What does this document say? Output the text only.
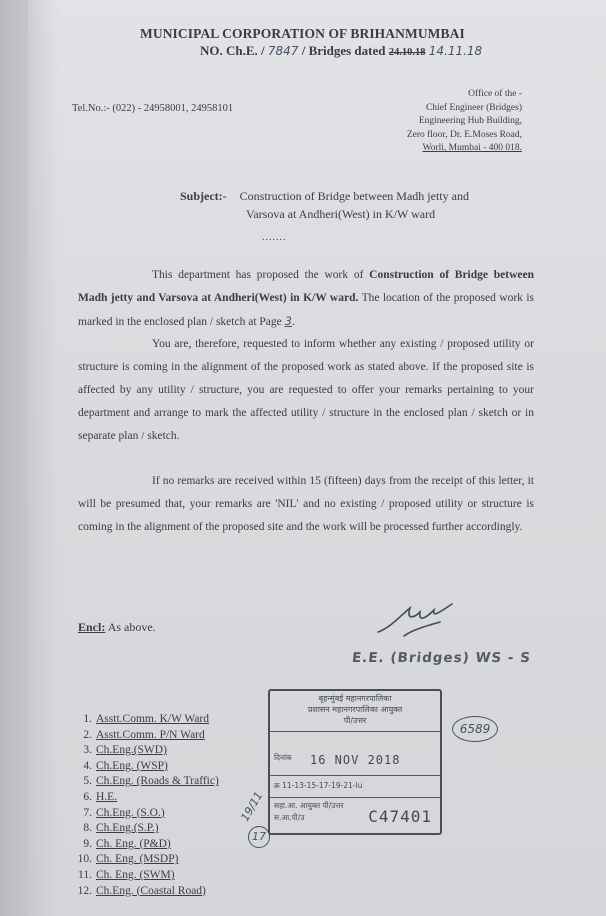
MUNICIPAL CORPORATION OF BRIHANMUMBAI
NO. Ch.E. / 7847 / Bridges dated 24.10.18 14.11.18
Tel.No.:- (022) - 24958001, 24958101
Office of the -
Chief Engineer (Bridges)
Engineering Hub Building,
Zero floor, Dr. E.Moses Road,
Worli, Mumbai - 400 018.
Subject:- Construction of Bridge between Madh jetty and
Varsova at Andheri(West) in K/W ward
.......
This department has proposed the work of Construction of Bridge between Madh jetty and Varsova at Andheri(West) in K/W ward. The location of the proposed work is marked in the enclosed plan / sketch at Page 3.
You are, therefore, requested to inform whether any existing / proposed utility or structure is coming in the alignment of the proposed work as stated above. If the proposed site is affected by any utility / structure, you are requested to offer your remarks pertaining to your department and arrange to mark the affected utility / structure in the enclosed plan / sketch or in separate plan / sketch.
If no remarks are received within 15 (fifteen) days from the receipt of this letter, it will be presumed that, your remarks are 'NIL' and no existing / proposed utility or structure is coming in the alignment of the proposed site and the work will be processed further accordingly.
Encl: As above.
E.E. (Bridges) WS - S
1. Asstt.Comm. K/W Ward
2. Asstt.Comm. P/N Ward
3. Ch.Eng.(SWD)
4. Ch.Eng. (WSP)
5. Ch.Eng. (Roads & Traffic)
6. H.E.
7. Ch.Eng. (S.O.)
8. Ch.Eng.(S.P.)
9. Ch. Eng. (P&D)
10. Ch. Eng. (MSDP)
11. Ch. Eng. (SWM)
12. Ch.Eng. (Coastal Road)
बृहन्मुंबई महानगरपालिका
प्रशासन महानगरपालिका आयुक्त
पी/उत्तर
दिनांक 16 NOV 2018
क्र 11-13-15-17-19-21-lu
सहा.आ. आयुक्त पी/उत्तर
स.आ.पी/उ	C47401
6589
19/11
17
